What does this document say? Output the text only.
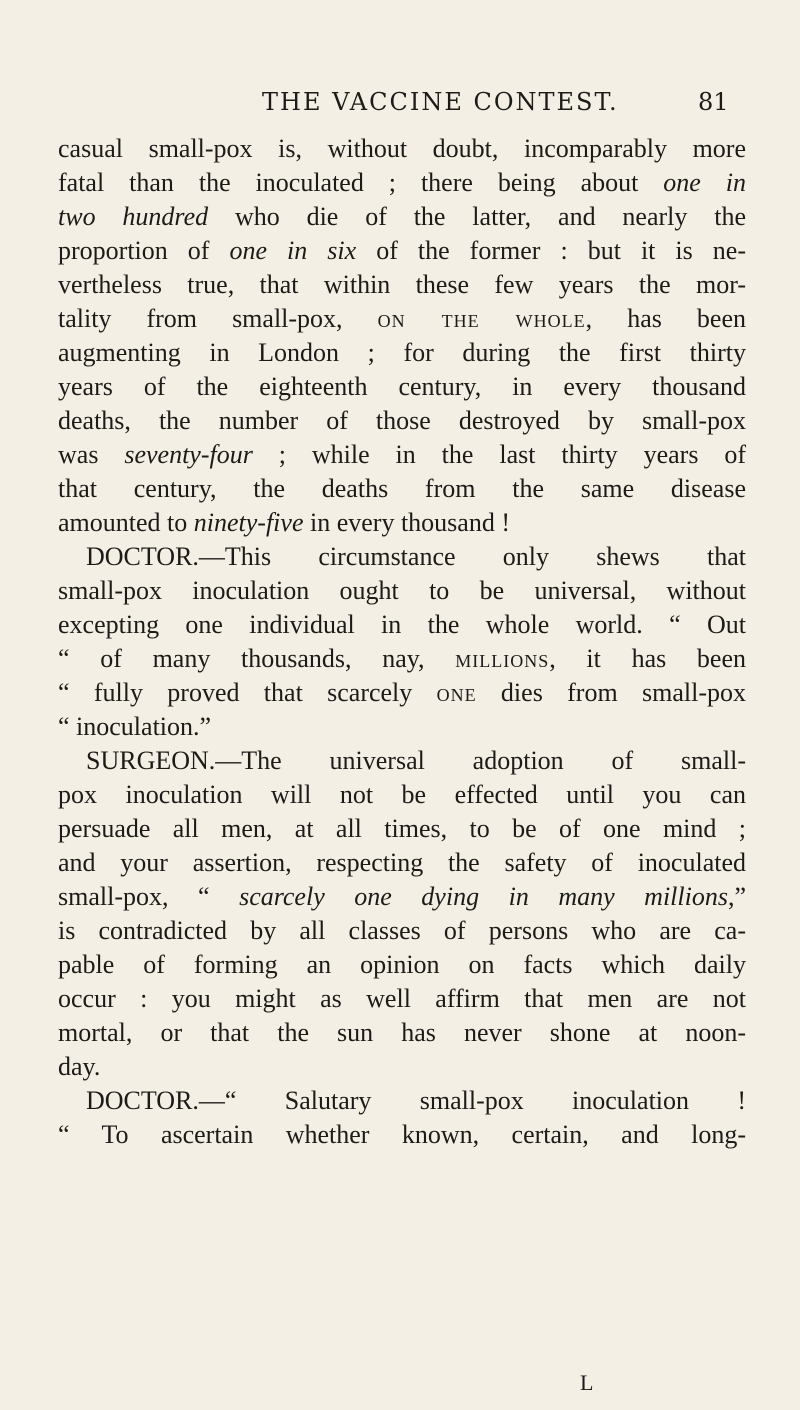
THE VACCINE CONTEST.	81
casual small-pox is, without doubt, incomparably more
fatal than the inoculated ; there being about one in
two hundred who die of the latter, and nearly the
proportion of one in six of the former : but it is ne-
vertheless true, that within these few years the mor-
tality from small-pox, on the whole, has been
augmenting in London ; for during the first thirty
years of the eighteenth century, in every thousand
deaths, the number of those destroyed by small-pox
was seventy-four ; while in the last thirty years of
that century, the deaths from the same disease
amounted to ninety-five in every thousand !
DOCTOR.—This circumstance only shews that
small-pox inoculation ought to be universal, without
excepting one individual in the whole world. “ Out
“ of many thousands, nay, millions, it has been
“ fully proved that scarcely one dies from small-pox
“ inoculation.”
SURGEON.—The universal adoption of small-
pox inoculation will not be effected until you can
persuade all men, at all times, to be of one mind ;
and your assertion, respecting the safety of inoculated
small-pox, “ scarcely one dying in many millions,”
is contradicted by all classes of persons who are ca-
pable of forming an opinion on facts which daily
occur : you might as well affirm that men are not
mortal, or that the sun has never shone at noon-
day.
DOCTOR.—“ Salutary small-pox inoculation !
“ To ascertain whether known, certain, and long-
L
